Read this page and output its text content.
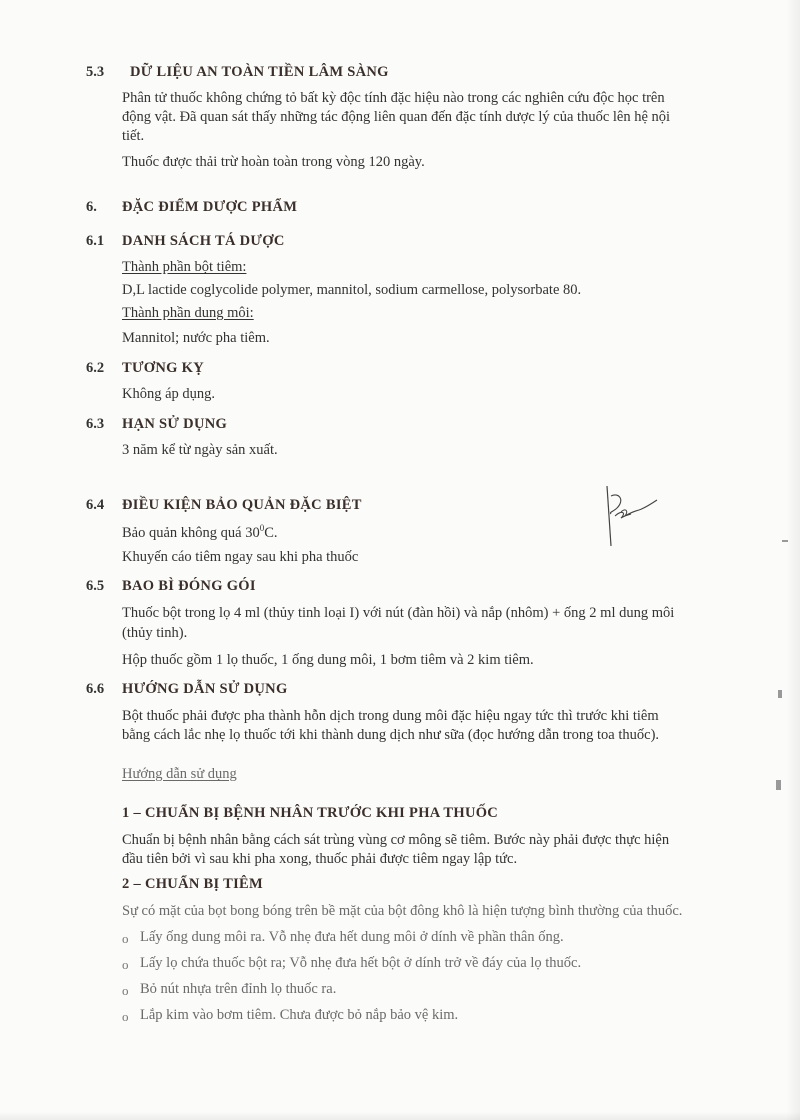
5.3 DỮ LIỆU AN TOÀN TIỀN LÂM SÀNG
Phân tử thuốc không chứng tỏ bất kỳ độc tính đặc hiệu nào trong các nghiên cứu độc học trên
động vật. Đã quan sát thấy những tác động liên quan đến đặc tính dược lý của thuốc lên hệ nội
tiết.
Thuốc được thải trừ hoàn toàn trong vòng 120 ngày.
6. ĐẶC ĐIỂM DƯỢC PHẨM
6.1 DANH SÁCH TÁ DƯỢC
Thành phần bột tiêm:
D,L lactide coglycolide polymer, mannitol, sodium carmellose, polysorbate 80.
Thành phần dung môi:
Mannitol; nước pha tiêm.
6.2 TƯƠNG KỴ
Không áp dụng.
6.3 HẠN SỬ DỤNG
3 năm kể từ ngày sản xuất.
6.4 ĐIỀU KIỆN BẢO QUẢN ĐẶC BIỆT
Bảo quản không quá $30^0C$.
Khuyến cáo tiêm ngay sau khi pha thuốc
6.5 BAO BÌ ĐÓNG GÓI
Thuốc bột trong lọ 4 ml (thủy tinh loại I) với nút (đàn hồi) và nắp (nhôm) + ống 2 ml dung môi
(thủy tinh).
Hộp thuốc gồm 1 lọ thuốc, 1 ống dung môi, 1 bơm tiêm và 2 kim tiêm.
6.6 HƯỚNG DẪN SỬ DỤNG
Bột thuốc phải được pha thành hỗn dịch trong dung môi đặc hiệu ngay tức thì trước khi tiêm
bằng cách lắc nhẹ lọ thuốc tới khi thành dung dịch như sữa (đọc hướng dẫn trong toa thuốc).
Hướng dẫn sử dụng
1 – CHUẨN BỊ BỆNH NHÂN TRƯỚC KHI PHA THUỐC
Chuẩn bị bệnh nhân bằng cách sát trùng vùng cơ mông sẽ tiêm. Bước này phải được thực hiện
đầu tiên bởi vì sau khi pha xong, thuốc phải được tiêm ngay lập tức.
2 – CHUẨN BỊ TIÊM
Sự có mặt của bọt bong bóng trên bề mặt của bột đông khô là hiện tượng bình thường của thuốc.
o Lấy ống dung môi ra. Vỗ nhẹ đưa hết dung môi ở dính về phần thân ống.
o Lấy lọ chứa thuốc bột ra; Vỗ nhẹ đưa hết bột ở dính trở về đáy của lọ thuốc.
o Bỏ nút nhựa trên đỉnh lọ thuốc ra.
o Lắp kim vào bơm tiêm. Chưa được bỏ nắp bảo vệ kim.
